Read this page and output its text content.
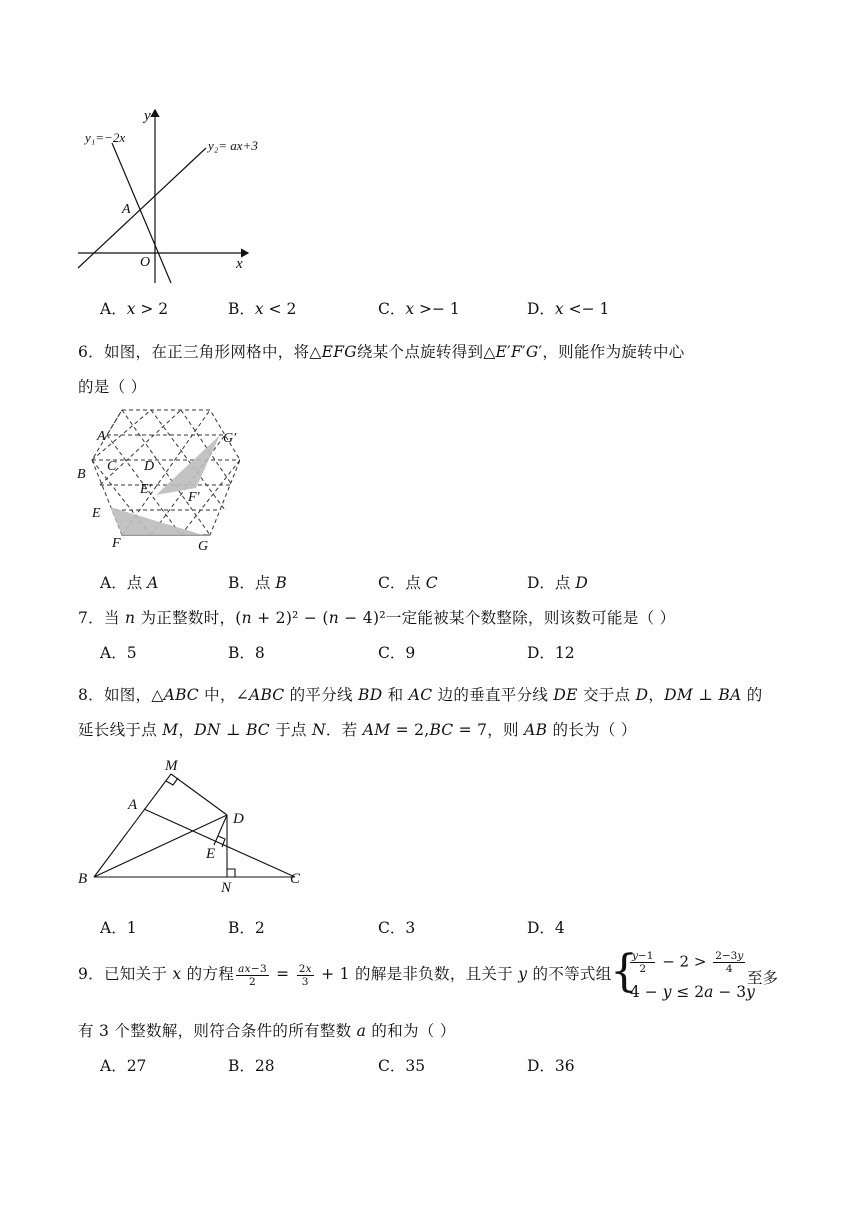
y
x
O
A
y₁=−2x
y₂= ax+3
A．𝑥 > 2	B．𝑥 < 2	C．𝑥 >− 1	D．𝑥 <− 1
6．如图，在正三角形网格中，将△𝐸𝐹𝐺绕某个点旋转得到△𝐸′𝐹′𝐺′，则能作为旋转中心
的是（ ）
A
B
C D
E
F	G
E′
F′
G′
A．点 𝐴	B．点 𝐵	C．点 𝐶	D．点 𝐷
7．当 𝑛 为正整数时，(𝑛 + 2)² − (𝑛 − 4)²一定能被某个数整除，则该数可能是（ ）
A．5	B．8	C．9	D．12
8．如图，△𝐴𝐵𝐶 中，∠𝐴𝐵𝐶 的平分线 𝐵𝐷 和 𝐴𝐶 边的垂直平分线 𝐷𝐸 交于点 𝐷，𝐷𝑀 ⊥ 𝐵𝐴 的
延长线于点 𝑀，𝐷𝑁 ⊥ 𝐵𝐶 于点 𝑁．若 𝐴𝑀 = 2,𝐵𝐶 = 7，则 𝐴𝐵 的长为（ ）
M
A
D
E
B
N
C
A．1	B．2	C．3	D．4
9．已知关于 𝑥 的方程 $\frac{\text{𝑎𝑥−3}}{2} = \frac{\text{2𝑥}}{3} + 1$ 的解是非负数，且关于 𝑦 的不等式组
{
$\frac{\text{𝑦−1}}{2} - 2 > \frac{\text{2−3𝑦}}{4}$
4 − 𝑦 ≤ 2𝑎 − 3𝑦
至多
有 3 个整数解，则符合条件的所有整数 𝑎 的和为（ ）
A．27	B．28	C．35	D．36
